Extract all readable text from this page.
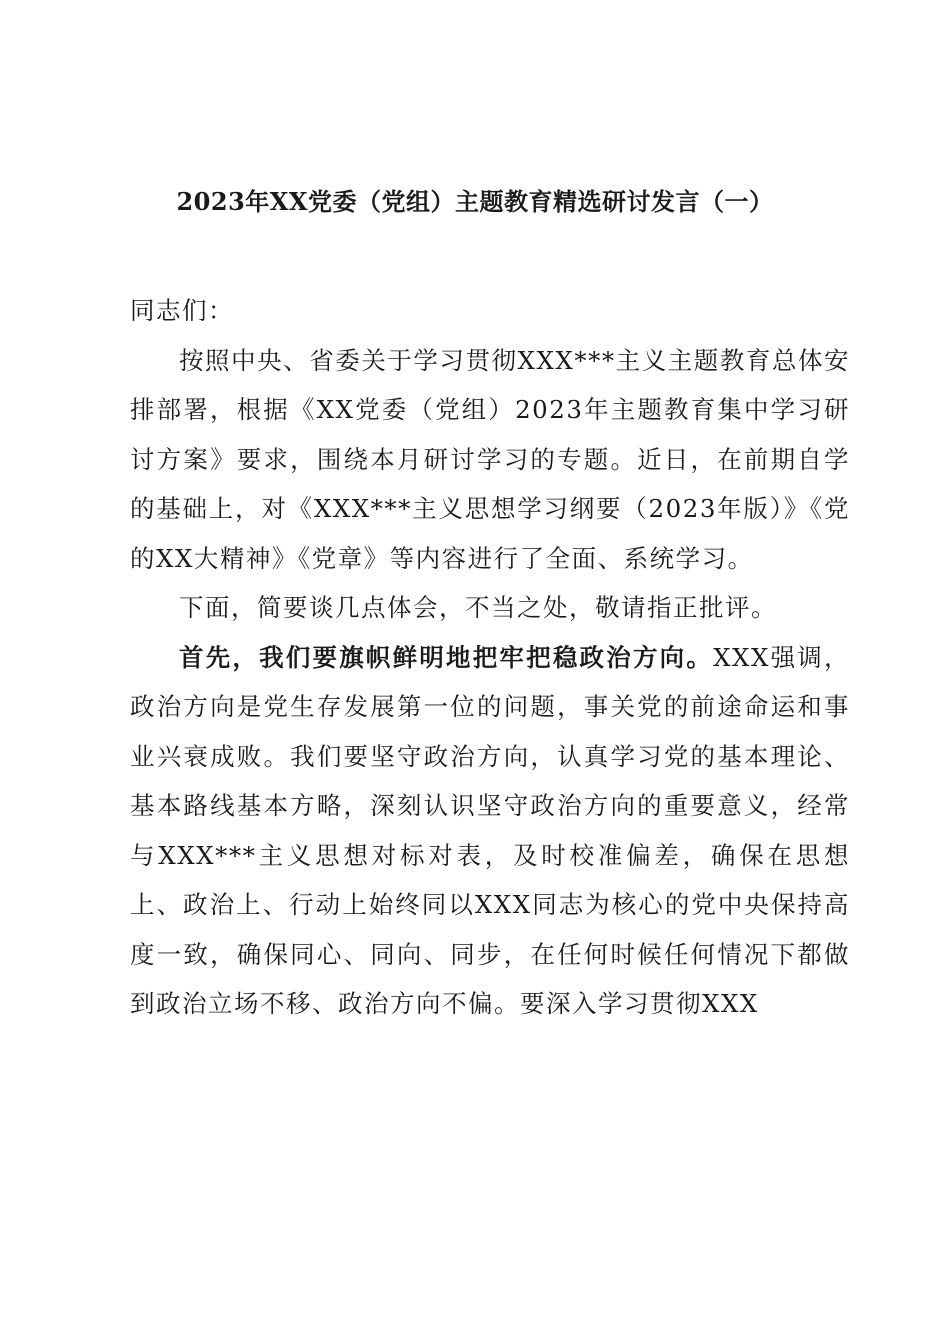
2023年XX党委（党组）主题教育精选研讨发言（一）

同志们：

按照中央、省委关于学习贯彻XXX***主义主题教育总体安排部署，根据《XX党委（党组）2023年主题教育集中学习研讨方案》要求，围绕本月研讨学习的专题。近日，在前期自学的基础上，对《XXX***主义思想学习纲要（2023年版）》《党的XX大精神》《党章》等内容进行了全面、系统学习。

下面，简要谈几点体会，不当之处，敬请指正批评。

首先，我们要旗帜鲜明地把牢把稳政治方向。XXX强调，政治方向是党生存发展第一位的问题，事关党的前途命运和事业兴衰成败。我们要坚守政治方向，认真学习党的基本理论、基本路线基本方略，深刻认识坚守政治方向的重要意义，经常与XXX***主义思想对标对表，及时校准偏差，确保在思想上、政治上、行动上始终同以XXX同志为核心的党中央保持高度一致，确保同心、同向、同步，在任何时候任何情况下都做到政治立场不移、政治方向不偏。要深入学习贯彻XXX
